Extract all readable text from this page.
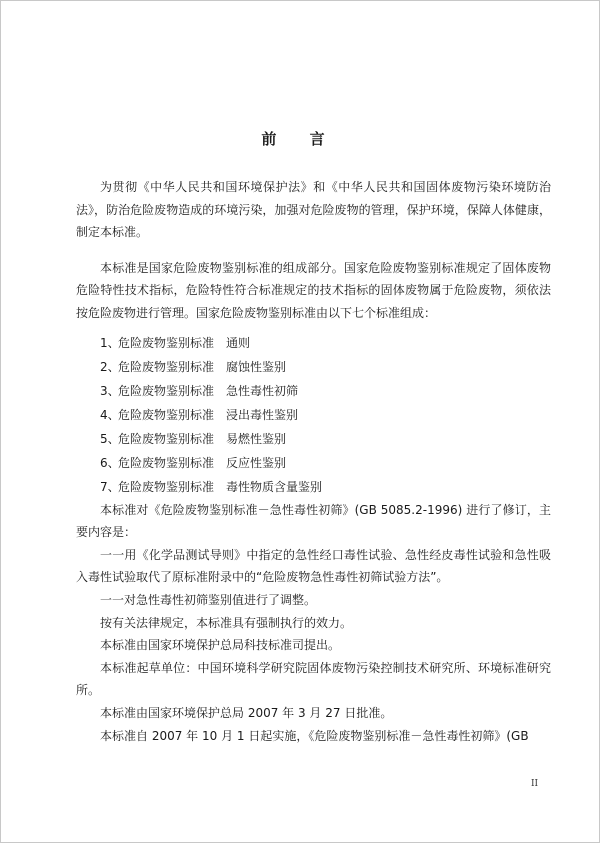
前 言

为贯彻《中华人民共和国环境保护法》和《中华人民共和国固体废物污染环境防治法》，防治危险废物造成的环境污染，加强对危险废物的管理，保护环境，保障人体健康，制定本标准。

本标准是国家危险废物鉴别标准的组成部分。国家危险废物鉴别标准规定了固体废物危险特性技术指标，危险特性符合标准规定的技术指标的固体废物属于危险废物，须依法按危险废物进行管理。国家危险废物鉴别标准由以下七个标准组成：

1、危险废物鉴别标准 通则
2、危险废物鉴别标准 腐蚀性鉴别
3、危险废物鉴别标准 急性毒性初筛
4、危险废物鉴别标准 浸出毒性鉴别
5、危险废物鉴别标准 易燃性鉴别
6、危险废物鉴别标准 反应性鉴别
7、危险废物鉴别标准 毒性物质含量鉴别

本标准对《危险废物鉴别标准－急性毒性初筛》(GB 5085.2-1996) 进行了修订，主要内容是：

一一用《化学品测试导则》中指定的急性经口毒性试验、急性经皮毒性试验和急性吸入毒性试验取代了原标准附录中的“危险废物急性毒性初筛试验方法”。

一一对急性毒性初筛鉴别值进行了调整。

按有关法律规定，本标准具有强制执行的效力。

本标准由国家环境保护总局科技标准司提出。

本标准起草单位：中国环境科学研究院固体废物污染控制技术研究所、环境标准研究所。

本标准由国家环境保护总局 2007 年 3 月 27 日批准。

本标准自 2007 年 10 月 1 日起实施，《危险废物鉴别标准－急性毒性初筛》(GB

II
